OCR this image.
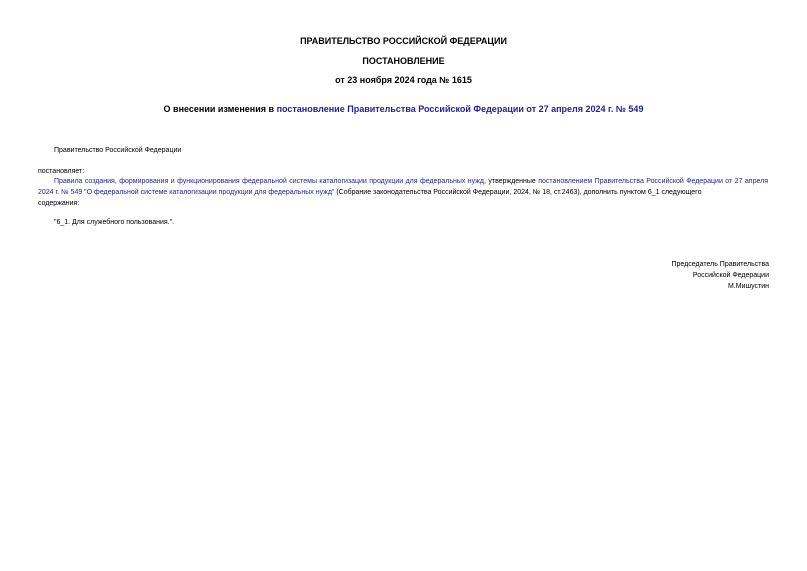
ПРАВИТЕЛЬСТВО РОССИЙСКОЙ ФЕДЕРАЦИИ
ПОСТАНОВЛЕНИЕ
от 23 ноября 2024 года № 1615
О внесении изменения в постановление Правительства Российской Федерации от 27 апреля 2024 г. № 549
Правительство Российской Федерации
постановляет:
Правила создания, формирования и функционирования федеральной системы каталогизации продукции для федеральных нужд, утвержденные постановлением Правительства Российской Федерации от 27 апреля 2024 г. № 549 "О федеральной системе каталогизации продукции для федеральных нужд" (Собрание законодательства Российской Федерации, 2024, № 18, ст.2463), дополнить пунктом 6_1 следующего
содержания:
"6_1. Для служебного пользования.".
Председатель Правительства
Российской Федерации
М.Мишустин
